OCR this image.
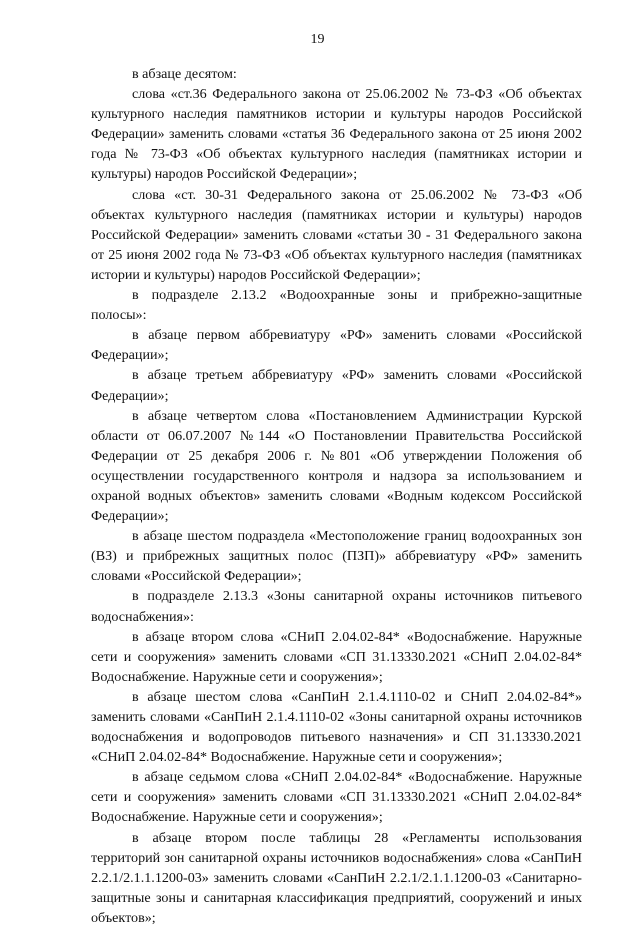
19

в абзаце десятом:

слова «ст.36 Федерального закона от 25.06.2002 № 73-ФЗ «Об объектах культурного наследия памятников истории и культуры народов Российской Федерации» заменить словами «статья 36 Федерального закона от 25 июня 2002 года № 73-ФЗ «Об объектах культурного наследия (памятниках истории и культуры) народов Российской Федерации»;

слова «ст. 30-31 Федерального закона от 25.06.2002 № 73-ФЗ «Об объектах культурного наследия (памятниках истории и культуры) народов Российской Федерации» заменить словами «статьи 30 - 31 Федерального закона от 25 июня 2002 года № 73-ФЗ «Об объектах культурного наследия (памятниках истории и культуры) народов Российской Федерации»;

в подразделе 2.13.2 «Водоохранные зоны и прибрежно-защитные полосы»:

в абзаце первом аббревиатуру «РФ» заменить словами «Российской Федерации»;

в абзаце третьем аббревиатуру «РФ» заменить словами «Российской Федерации»;

в абзаце четвертом слова «Постановлением Администрации Курской области от 06.07.2007 №144 «О Постановлении Правительства Российской Федерации от 25 декабря 2006 г. №801 «Об утверждении Положения об осуществлении государственного контроля и надзора за использованием и охраной водных объектов» заменить словами «Водным кодексом Российской Федерации»;

в абзаце шестом подраздела «Местоположение границ водоохранных зон (ВЗ) и прибрежных защитных полос (ПЗП)» аббревиатуру «РФ» заменить словами «Российской Федерации»;

в подразделе 2.13.3 «Зоны санитарной охраны источников питьевого водоснабжения»:

в абзаце втором слова «СНиП 2.04.02-84* «Водоснабжение. Наружные сети и сооружения» заменить словами «СП 31.13330.2021 «СНиП 2.04.02-84* Водоснабжение. Наружные сети и сооружения»;

в абзаце шестом слова «СанПиН 2.1.4.1110-02 и СНиП 2.04.02-84*» заменить словами «СанПиН 2.1.4.1110-02 «Зоны санитарной охраны источников водоснабжения и водопроводов питьевого назначения» и СП 31.13330.2021 «СНиП 2.04.02-84* Водоснабжение. Наружные сети и сооружения»;

в абзаце седьмом слова «СНиП 2.04.02-84* «Водоснабжение. Наружные сети и сооружения» заменить словами «СП 31.13330.2021 «СНиП 2.04.02-84* Водоснабжение. Наружные сети и сооружения»;

в абзаце втором после таблицы 28 «Регламенты использования территорий зон санитарной охраны источников водоснабжения» слова «СанПиН 2.2.1/2.1.1.1200-03» заменить словами «СанПиН 2.2.1/2.1.1.1200-03 «Санитарно-защитные зоны и санитарная классификация предприятий, сооружений и иных объектов»;
